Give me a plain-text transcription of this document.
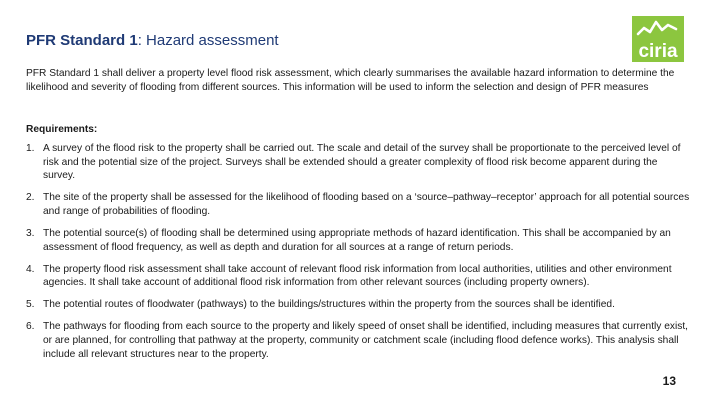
PFR Standard 1: Hazard assessment
ciria
PFR Standard 1 shall deliver a property level flood risk assessment, which clearly summarises the available hazard information to determine the likelihood and severity of flooding from different sources. This information will be used to inform the selection and design of PFR measures
Requirements:
1. A survey of the flood risk to the property shall be carried out. The scale and detail of the survey shall be proportionate to the perceived level of risk and the potential size of the project. Surveys shall be extended should a greater complexity of flood risk become apparent during the survey.
2. The site of the property shall be assessed for the likelihood of flooding based on a ‘source–pathway–receptor’ approach for all potential sources and range of probabilities of flooding.
3. The potential source(s) of flooding shall be determined using appropriate methods of hazard identification. This shall be accompanied by an assessment of flood frequency, as well as depth and duration for all sources at a range of return periods.
4. The property flood risk assessment shall take account of relevant flood risk information from local authorities, utilities and other environment agencies. It shall take account of additional flood risk information from other relevant sources (including property owners).
5. The potential routes of floodwater (pathways) to the buildings/structures within the property from the sources shall be identified.
6. The pathways for flooding from each source to the property and likely speed of onset shall be identified, including measures that currently exist, or are planned, for controlling that pathway at the property, community or catchment scale (including flood defence works). This analysis shall include all relevant structures near to the property.
13
